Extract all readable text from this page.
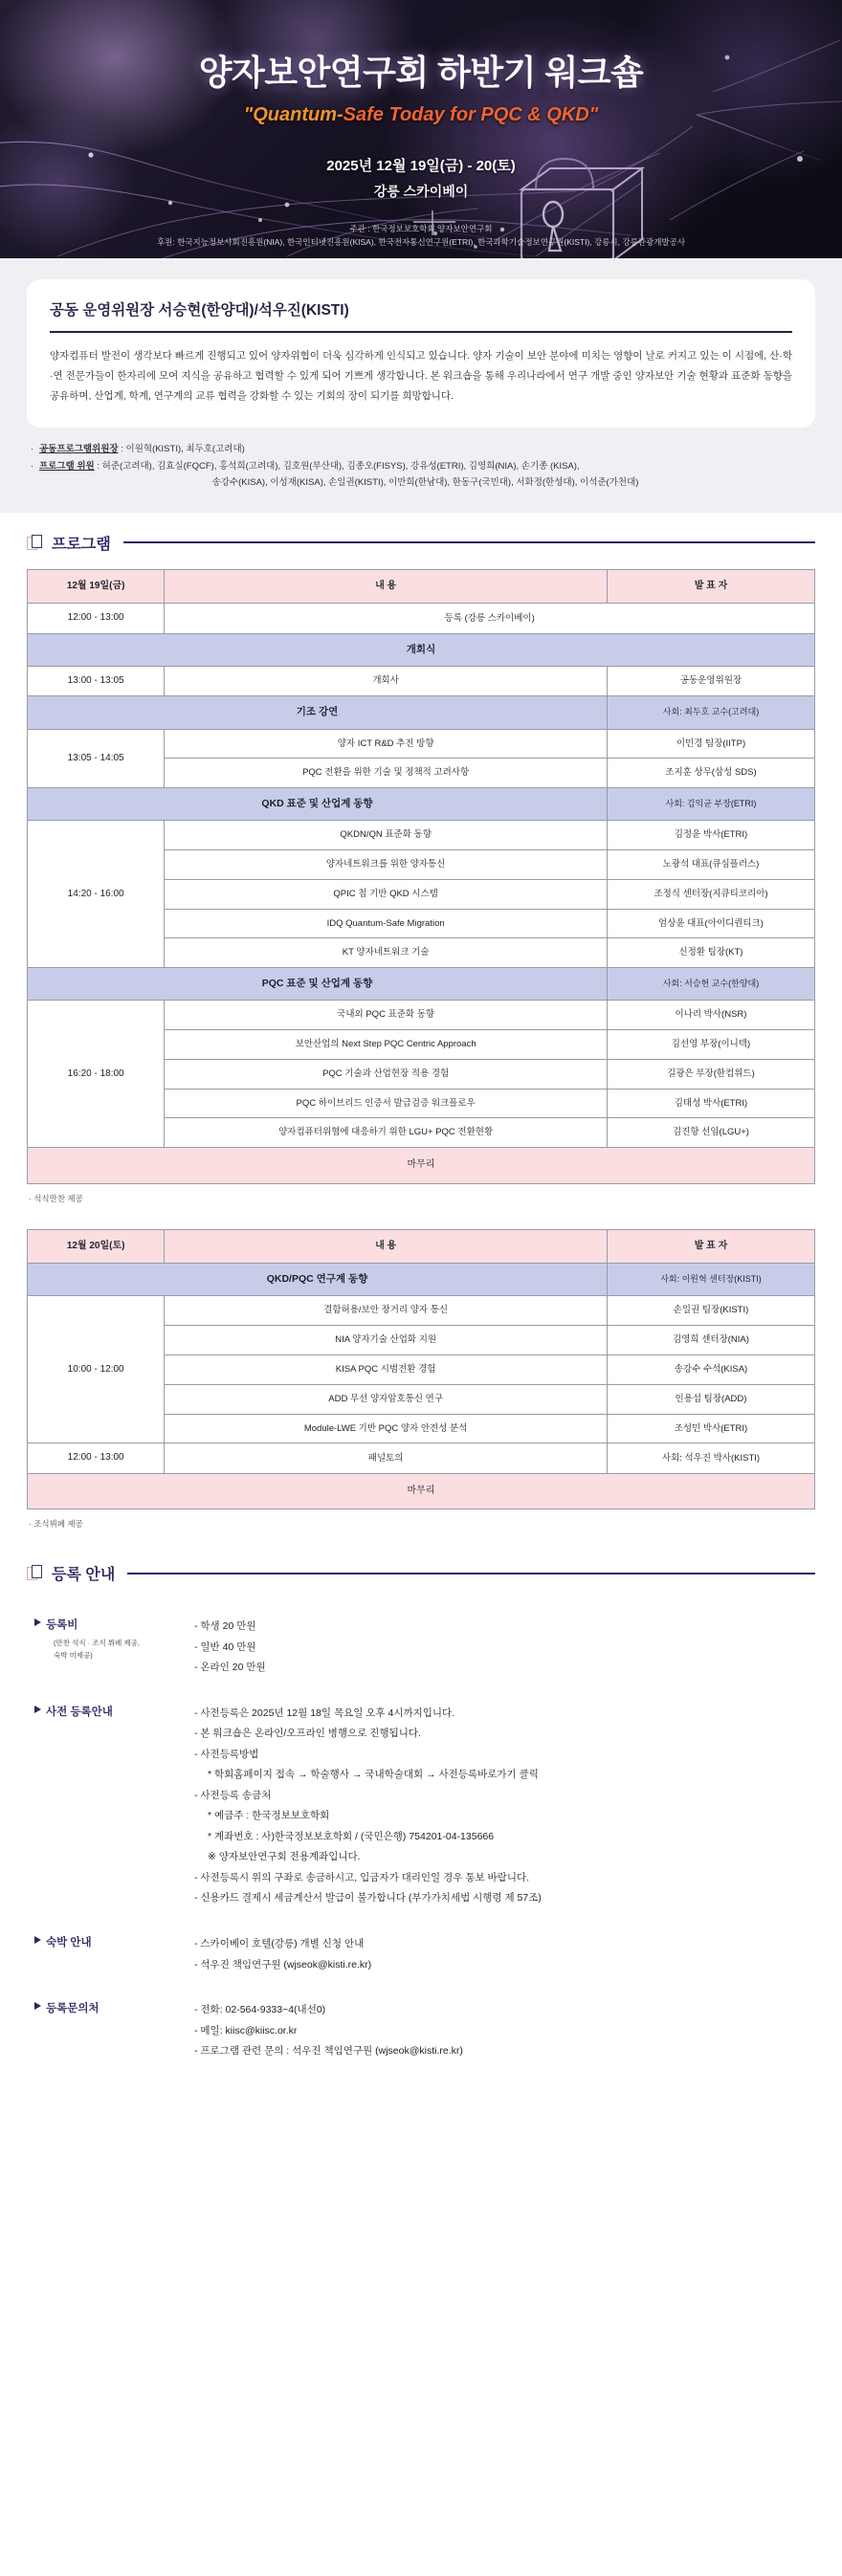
양자보안연구회 하반기 워크숍
"Quantum-Safe Today for PQC & QKD"
2025년 12월 19일(금) - 20(토)
강릉 스카이베이
주관 : 한국정보보호학회 양자보안연구회
후원: 한국지능정보사회진흥원(NIA), 한국인터넷진흥원(KISA), 한국전자통신연구원(ETRI), 한국과학기술정보연구원(KISTI), 강릉시, 강릉관광개발공사
공동 운영위원장 서승현(한양대)/석우진(KISTI)
양자컴퓨터 발전이 생각보다 빠르게 진행되고 있어 양자위협이 더욱 심각하게 인식되고 있습니다. 양자 기술이 보안 분야에 미치는 영향이 날로 커지고 있는 이 시점에, 산·학·연 전문가들이 한자리에 모여 지식을 공유하고 협력할 수 있게 되어 기쁘게 생각합니다. 본 워크숍을 통해 우리나라에서 연구 개발 중인 양자보안 기술 현황과 표준화 동향을 공유하며, 산업계, 학계, 연구계의 교류 협력을 강화할 수 있는 기회의 장이 되기를 희망합니다.
· 공동프로그램위원장 : 이원혁(KISTI), 최두호(고려대)
· 프로그램 위원 : 허준(고려대), 김효실(FQCF), 홍석희(고려대), 김호원(부산대), 김종오(FISYS), 강유성(ETRI), 김영희(NIA), 손기종 (KISA),
송강수(KISA), 이성재(KISA), 손일권(KISTI), 이만희(한남대), 한동구(국민대), 서화정(한성대), 이석준(가천대)
프로그램
12월 19일(금)	내 용	발 표 자
12:00 - 13:00	등록 (강릉 스카이베이)	
개회식		
13:00 - 13:05	개회사	공동운영위원장
기조 강연		사회: 최두호 교수(고려대)
13:05 - 14:05	양자 ICT R&D 추진 방향	이민경 팀장(IITP)
	PQC 전환을 위한 기술 및 정책적 고려사항	조지훈 상무(삼성 SDS)
QKD 표준 및 산업계 동향		사회: 김익균 부장(ETRI)
14:20 - 16:00	QKDN/QN 표준화 동향	김정윤 박사(ETRI)
	양자네트워크를 위한 양자통신	노광석 대표(큐심플러스)
	QPIC 칩 기반 QKD 시스템	조정식 센터장(지큐티코리아)
	IDQ Quantum-Safe Migration	엄상윤 대표(아이디퀀티크)
	KT 양자네트워크 기술	신정환 팀장(KT)
PQC 표준 및 산업계 동향		사회: 서승현 교수(한양대)
16:20 - 18:00	국내외 PQC 표준화 동향	이나리 박사(NSR)
	보안산업의 Next Step PQC Centric Approach	김선영 부장(이니텍)
	PQC 기술과 산업현장 적용 경험	길광은 부장(한컴위드)
	PQC 하이브리드 인증서 발급검증 워크플로우	김태성 박사(ETRI)
	양자컴퓨터위협에 대응하기 위한 LGU+ PQC 전환현황	김진항 선임(LGU+)
마무리		
· 석식만찬 제공
12월 20일(토)	내 용	발 표 자
QKD/PQC 연구계 동향		사회: 이원혁 센터장(KISTI)
10:00 - 12:00	결함허용/보안 장거리 양자 통신	손일권 팀장(KISTI)
	NIA 양자기술 산업화 지원	김영희 센터장(NIA)
	KISA PQC 시범전환 경험	송강수 수석(KISA)
	ADD 무선 양자암호통신 연구	인용섭 팀장(ADD)
	Module-LWE 기반 PQC 양자 안전성 분석	조성민 박사(ETRI)
12:00 - 13:00	패널토의	사회: 석우진 박사(KISTI)
마무리		
· 조식뷔페 제공
등록 안내
등록비
(만찬 석식 · 조식 뷔페 제공,
숙박 미제공)
- 학생 20 만원
- 일반 40 만원
- 온라인 20 만원
사전 등록안내	- 사전등록은 2025년 12월 18일 목요일 오후 4시까지입니다.
- 본 워크숍은 온라인/오프라인 병행으로 진행됩니다.
- 사전등록방법
* 학회홈페이지 접속 → 학술행사 → 국내학술대회 → 사전등록바로가기 클릭
- 사전등록 송금처
* 예금주 : 한국정보보호학회
* 계좌번호 : 사)한국정보보호학회 / (국민은행) 754201-04-135666
※ 양자보안연구회 전용계좌입니다.
- 사전등록시 위의 구좌로 송금하시고, 입금자가 대리인일 경우 통보 바랍니다.
- 신용카드 결제시 세금계산서 발급이 불가합니다 (부가가치세법 시행령 제 57조)
숙박 안내	- 스카이베이 호텔(강릉) 개별 신청 안내
- 석우진 책임연구원 (wjseok@kisti.re.kr)
등록문의처	- 전화: 02-564-9333~4(내선0)
- 메일: kiisc@kiisc.or.kr
- 프로그램 관련 문의 : 석우진 책임연구원 (wjseok@kisti.re.kr)
